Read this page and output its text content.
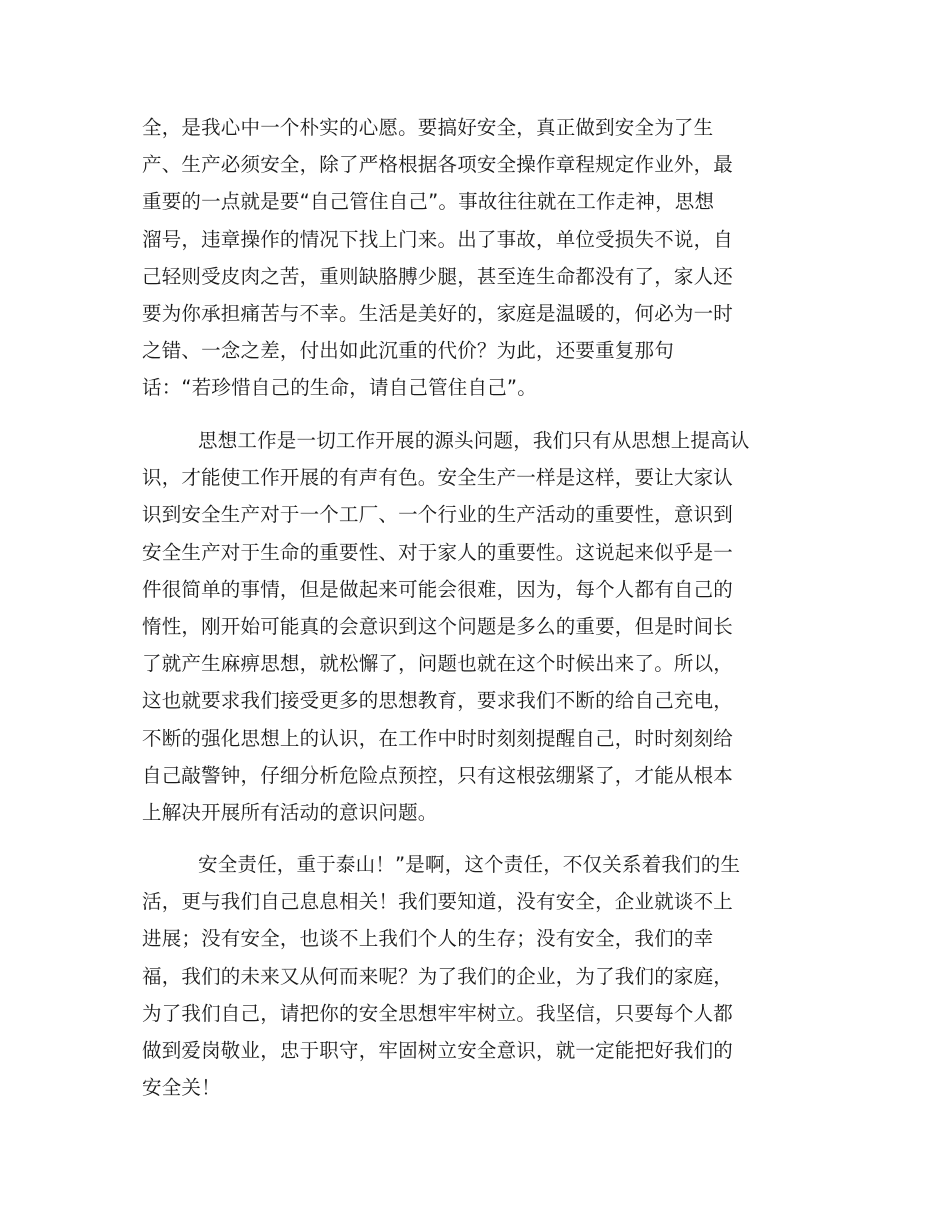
全，是我心中一个朴实的心愿。要搞好安全，真正做到安全为了生
产、生产必须安全，除了严格根据各项安全操作章程规定作业外，最
重要的一点就是要“自己管住自己”。事故往往就在工作走神，思想
溜号，违章操作的情况下找上门来。出了事故，单位受损失不说，自
己轻则受皮肉之苦，重则缺胳膊少腿，甚至连生命都没有了，家人还
要为你承担痛苦与不幸。生活是美好的，家庭是温暖的，何必为一时
之错、一念之差，付出如此沉重的代价？为此，还要重复那句
话：“若珍惜自己的生命，请自己管住自己”。
思想工作是一切工作开展的源头问题，我们只有从思想上提高认
识，才能使工作开展的有声有色。安全生产一样是这样，要让大家认
识到安全生产对于一个工厂、一个行业的生产活动的重要性，意识到
安全生产对于生命的重要性、对于家人的重要性。这说起来似乎是一
件很简单的事情，但是做起来可能会很难，因为，每个人都有自己的
惰性，刚开始可能真的会意识到这个问题是多么的重要，但是时间长
了就产生麻痹思想，就松懈了，问题也就在这个时候出来了。所以，
这也就要求我们接受更多的思想教育，要求我们不断的给自己充电，
不断的强化思想上的认识，在工作中时时刻刻提醒自己，时时刻刻给
自己敲警钟，仔细分析危险点预控，只有这根弦绷紧了，才能从根本
上解决开展所有活动的意识问题。
安全责任，重于泰山！”是啊，这个责任，不仅关系着我们的生
活，更与我们自己息息相关！我们要知道，没有安全，企业就谈不上
进展；没有安全，也谈不上我们个人的生存；没有安全，我们的幸
福，我们的未来又从何而来呢？为了我们的企业，为了我们的家庭，
为了我们自己，请把你的安全思想牢牢树立。我坚信，只要每个人都
做到爱岗敬业，忠于职守，牢固树立安全意识，就一定能把好我们的
安全关！
